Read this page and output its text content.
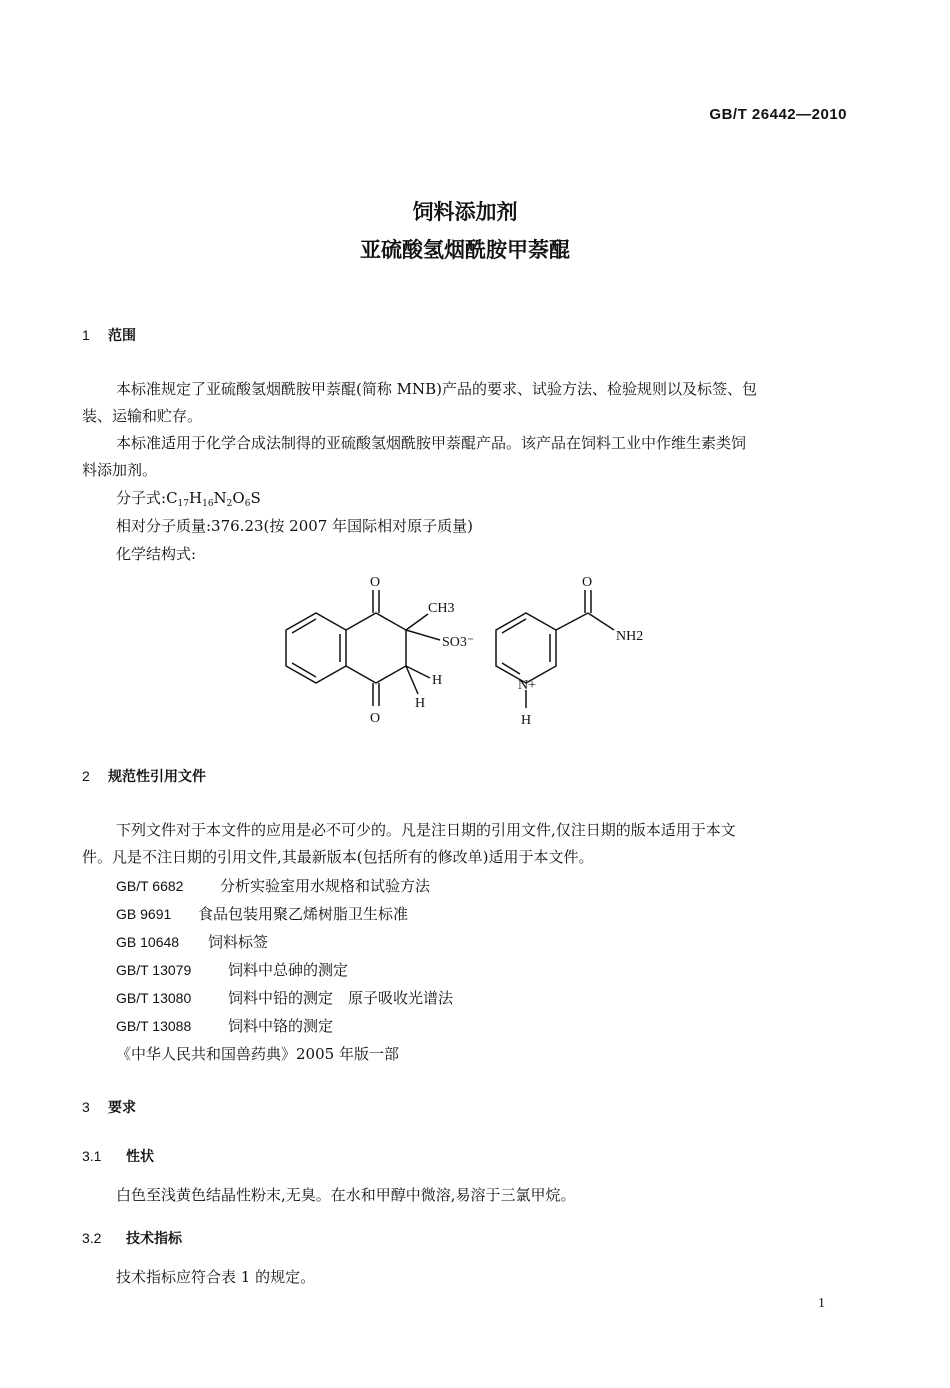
GB/T 26442—2010
饲料添加剂
亚硫酸氢烟酰胺甲萘醌
1 范围
本标准规定了亚硫酸氢烟酰胺甲萘醌(简称 MNB)产品的要求、试验方法、检验规则以及标签、包
装、运输和贮存。
本标准适用于化学合成法制得的亚硫酸氢烟酰胺甲萘醌产品。该产品在饲料工业中作维生素类饲
料添加剂。
分子式$:C_{17}H_{16}N_2O_6S$
相对分子质量:376.23(按 2007 年国际相对原子质量)
化学结构式:
O
CH3
SO3⁻
H
H
O
O
NH2
N+
H
2 规范性引用文件
下列文件对于本文件的应用是必不可少的。凡是注日期的引用文件,仅注日期的版本适用于本文
件。凡是不注日期的引用文件,其最新版本(包括所有的修改单)适用于本文件。
GB/T 6682 分析实验室用水规格和试验方法
GB 9691 食品包装用聚乙烯树脂卫生标准
GB 10648 饲料标签
GB/T 13079 饲料中总砷的测定
GB/T 13080 饲料中铅的测定　原子吸收光谱法
GB/T 13088 饲料中铬的测定
《中华人民共和国兽药典》2005 年版一部
3 要求
3.1 性状
白色至浅黄色结晶性粉末,无臭。在水和甲醇中微溶,易溶于三氯甲烷。
3.2 技术指标
技术指标应符合表 1 的规定。
1
